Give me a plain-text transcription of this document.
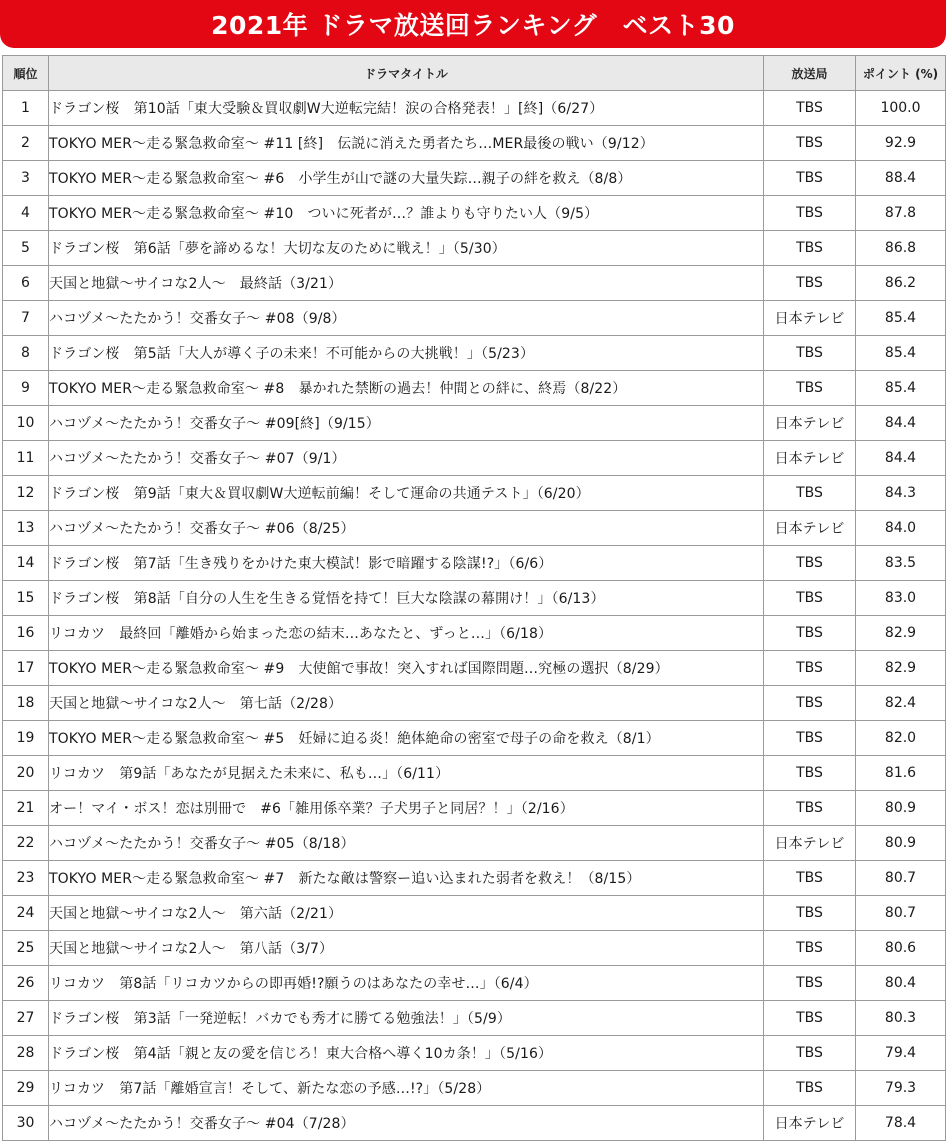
2021年 ドラマ放送回ランキング　ベスト30
順位	ドラマタイトル	放送局	ポイント (%)
1	ドラゴン桜　第10話「東大受験＆買収劇W大逆転完結！涙の合格発表！」[終]（6/27）	TBS	100.0
2	TOKYO MER～走る緊急救命室～ #11 [終]　伝説に消えた勇者たち…MER最後の戦い（9/12）	TBS	92.9
3	TOKYO MER～走る緊急救命室～ #6　小学生が山で謎の大量失踪…親子の絆を救え（8/8）	TBS	88.4
4	TOKYO MER～走る緊急救命室～ #10　ついに死者が…？誰よりも守りたい人（9/5）	TBS	87.8
5	ドラゴン桜　第6話「夢を諦めるな！大切な友のために戦え！」（5/30）	TBS	86.8
6	天国と地獄～サイコな2人～　最終話（3/21）	TBS	86.2
7	ハコヅメ～たたかう！交番女子～ #08（9/8）	日本テレビ	85.4
8	ドラゴン桜　第5話「大人が導く子の未来！不可能からの大挑戦！」（5/23）	TBS	85.4
9	TOKYO MER～走る緊急救命室～ #8　暴かれた禁断の過去！仲間との絆に、終焉（8/22）	TBS	85.4
10	ハコヅメ～たたかう！交番女子～ #09[終]（9/15）	日本テレビ	84.4
11	ハコヅメ～たたかう！交番女子～ #07（9/1）	日本テレビ	84.4
12	ドラゴン桜　第9話「東大＆買収劇W大逆転前編！そして運命の共通テスト」（6/20）	TBS	84.3
13	ハコヅメ～たたかう！交番女子～ #06（8/25）	日本テレビ	84.0
14	ドラゴン桜　第7話「生き残りをかけた東大模試！影で暗躍する陰謀!?」（6/6）	TBS	83.5
15	ドラゴン桜　第8話「自分の人生を生きる覚悟を持て！巨大な陰謀の幕開け！」（6/13）	TBS	83.0
16	リコカツ　最終回「離婚から始まった恋の結末…あなたと、ずっと…」（6/18）	TBS	82.9
17	TOKYO MER～走る緊急救命室～ #9　大使館で事故！突入すれば国際問題…究極の選択（8/29）	TBS	82.9
18	天国と地獄～サイコな2人～　第七話（2/28）	TBS	82.4
19	TOKYO MER～走る緊急救命室～ #5　妊婦に迫る炎！絶体絶命の密室で母子の命を救え（8/1）	TBS	82.0
20	リコカツ　第9話「あなたが見据えた未来に、私も…」（6/11）	TBS	81.6
21	オー！マイ・ボス！恋は別冊で　#6「雑用係卒業？子犬男子と同居？！」（2/16）	TBS	80.9
22	ハコヅメ～たたかう！交番女子～ #05（8/18）	日本テレビ	80.9
23	TOKYO MER～走る緊急救命室～ #7　新たな敵は警察ー追い込まれた弱者を救え！（8/15）	TBS	80.7
24	天国と地獄～サイコな2人～　第六話（2/21）	TBS	80.7
25	天国と地獄～サイコな2人～　第八話（3/7）	TBS	80.6
26	リコカツ　第8話「リコカツからの即再婚!?願うのはあなたの幸せ…」（6/4）	TBS	80.4
27	ドラゴン桜　第3話「一発逆転！バカでも秀才に勝てる勉強法！」（5/9）	TBS	80.3
28	ドラゴン桜　第4話「親と友の愛を信じろ！東大合格へ導く10カ条！」（5/16）	TBS	79.4
29	リコカツ　第7話「離婚宣言！そして、新たな恋の予感…!?」（5/28）	TBS	79.3
30	ハコヅメ～たたかう！交番女子～ #04（7/28）	日本テレビ	78.4
